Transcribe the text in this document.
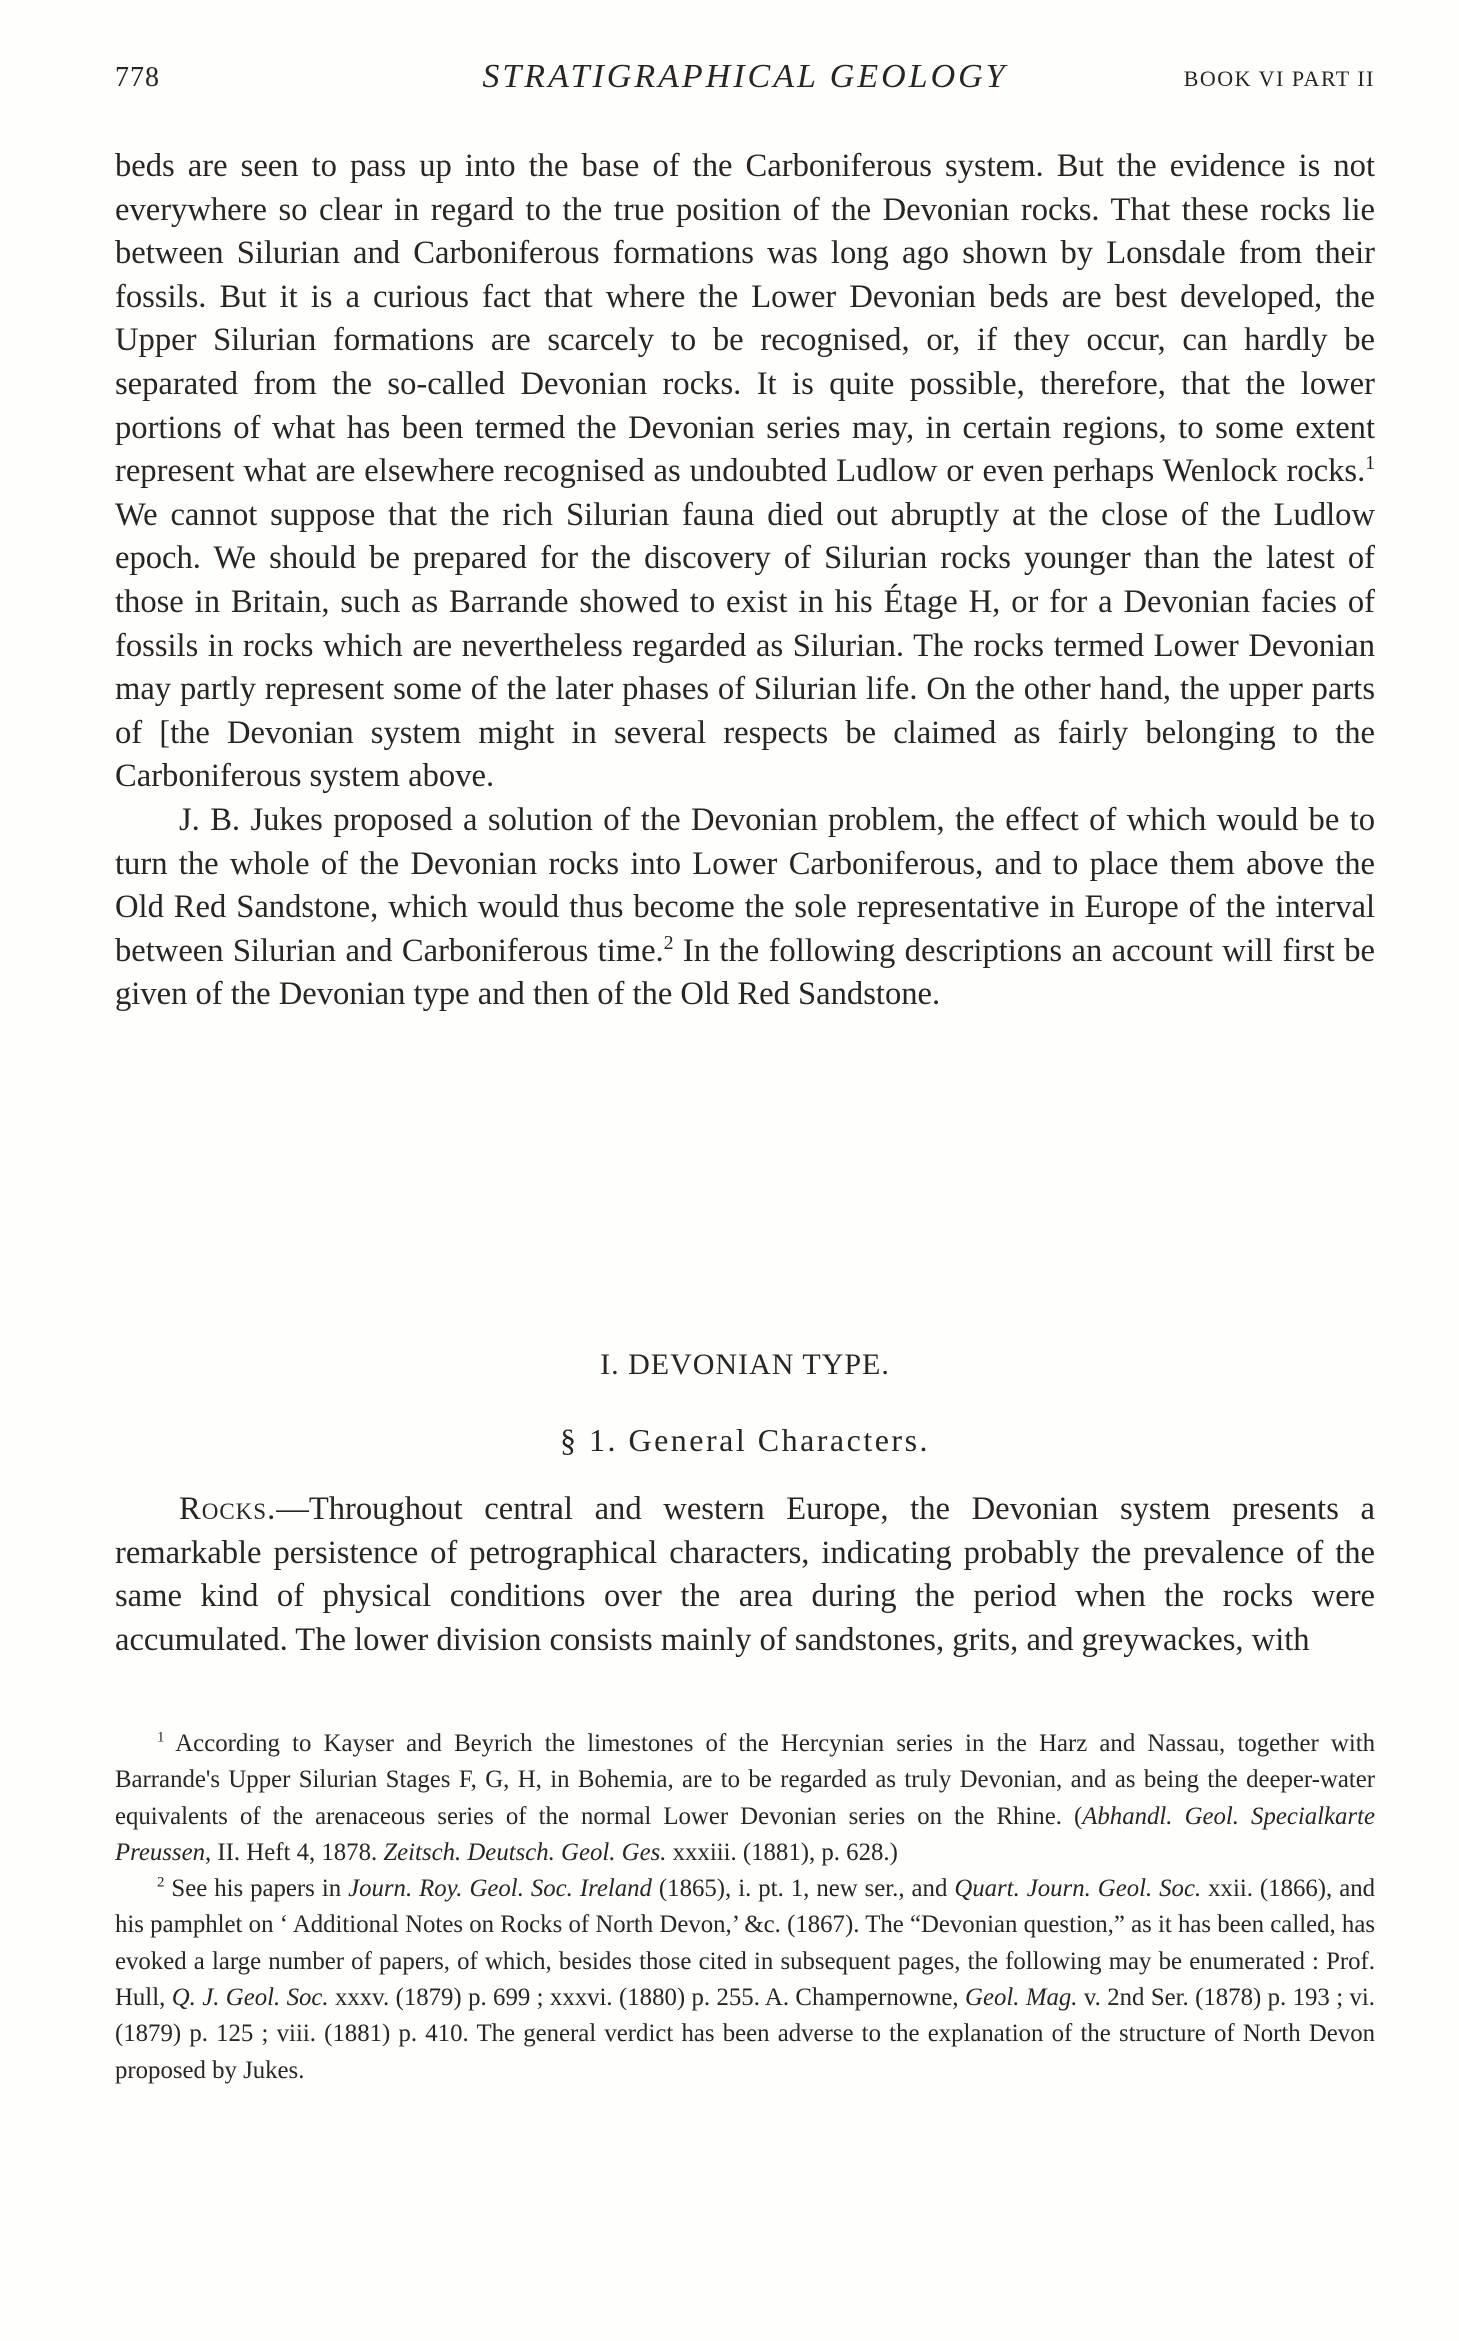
778	STRATIGRAPHICAL GEOLOGY	BOOK VI PART II

beds are seen to pass up into the base of the Carboniferous system. But the evidence is not everywhere so clear in regard to the true position of the Devonian rocks. That these rocks lie between Silurian and Carboniferous formations was long ago shown by Lonsdale from their fossils. But it is a curious fact that where the Lower Devonian beds are best developed, the Upper Silurian formations are scarcely to be recognised, or, if they occur, can hardly be separated from the so-called Devonian rocks. It is quite possible, therefore, that the lower portions of what has been termed the Devonian series may, in certain regions, to some extent represent what are elsewhere recognised as undoubted Ludlow or even perhaps Wenlock rocks.$^1$ We cannot suppose that the rich Silurian fauna died out abruptly at the close of the Ludlow epoch. We should be prepared for the discovery of Silurian rocks younger than the latest of those in Britain, such as Barrande showed to exist in his Étage H, or for a Devonian facies of fossils in rocks which are nevertheless regarded as Silurian. The rocks termed Lower Devonian may partly represent some of the later phases of Silurian life. On the other hand, the upper parts of [the Devonian system might in several respects be claimed as fairly belonging to the Carboniferous system above.

J. B. Jukes proposed a solution of the Devonian problem, the effect of which would be to turn the whole of the Devonian rocks into Lower Carboniferous, and to place them above the Old Red Sandstone, which would thus become the sole representative in Europe of the interval between Silurian and Carboniferous time.$^2$ In the following descriptions an account will first be given of the Devonian type and then of the Old Red Sandstone.

I. DEVONIAN TYPE.
§ 1. General Characters.

Rocks.—Throughout central and western Europe, the Devonian system presents a remarkable persistence of petrographical characters, indicating probably the prevalence of the same kind of physical conditions over the area during the period when the rocks were accumulated. The lower division consists mainly of sandstones, grits, and greywackes, with

$^1$ According to Kayser and Beyrich the limestones of the Hercynian series in the Harz and Nassau, together with Barrande's Upper Silurian Stages F, G, H, in Bohemia, are to be regarded as truly Devonian, and as being the deeper-water equivalents of the arenaceous series of the normal Lower Devonian series on the Rhine. (Abhandl. Geol. Specialkarte Preussen, II. Heft 4, 1878. Zeitsch. Deutsch. Geol. Ges. xxxiii. (1881), p. 628.)

$^2$ See his papers in Journ. Roy. Geol. Soc. Ireland (1865), i. pt. 1, new ser., and Quart. Journ. Geol. Soc. xxii. (1866), and his pamphlet on ‘ Additional Notes on Rocks of North Devon,’ &c. (1867). The “Devonian question,” as it has been called, has evoked a large number of papers, of which, besides those cited in subsequent pages, the following may be enumerated : Prof. Hull, Q. J. Geol. Soc. xxxv. (1879) p. 699 ; xxxvi. (1880) p. 255. A. Champernowne, Geol. Mag. v. 2nd Ser. (1878) p. 193 ; vi. (1879) p. 125 ; viii. (1881) p. 410. The general verdict has been adverse to the explanation of the structure of North Devon proposed by Jukes.
